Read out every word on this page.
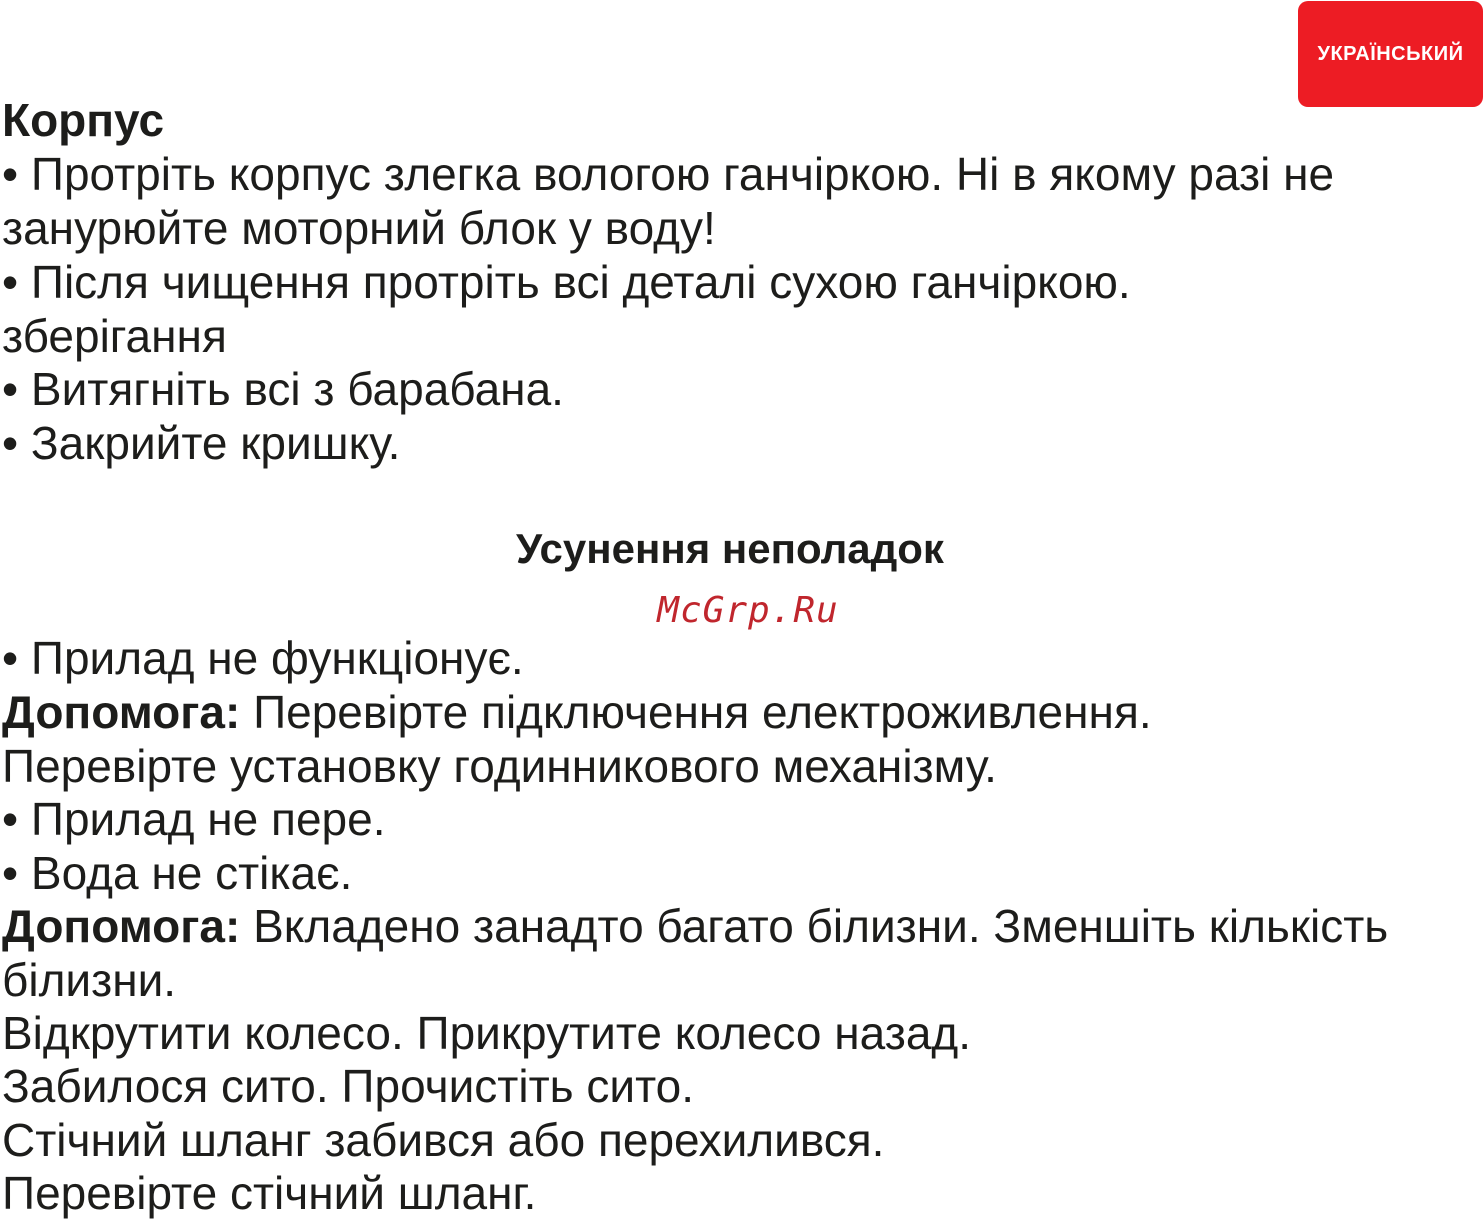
УКРАЇНСЬКИЙ
Корпус
• Протріть корпус злегка вологою ганчіркою. Ні в якому разі не
занурюйте моторний блок у воду!
• Після чищення протріть всі деталі сухою ганчіркою.
зберігання
• Витягніть всі з барабана.
• Закрийте кришку.
Усунення неполадок
McGrp.Ru
• Прилад не функціонує.
Допомога: Перевірте підключення електроживлення.
Перевірте установку годинникового механізму.
• Прилад не пере.
• Вода не стікає.
Допомога: Вкладено занадто багато білизни. Зменшіть кількість
білизни.
Відкрутити колесо. Прикрутите колесо назад.
Забилося сито. Прочистіть сито.
Стічний шланг забився або перехилився.
Перевірте стічний шланг.
